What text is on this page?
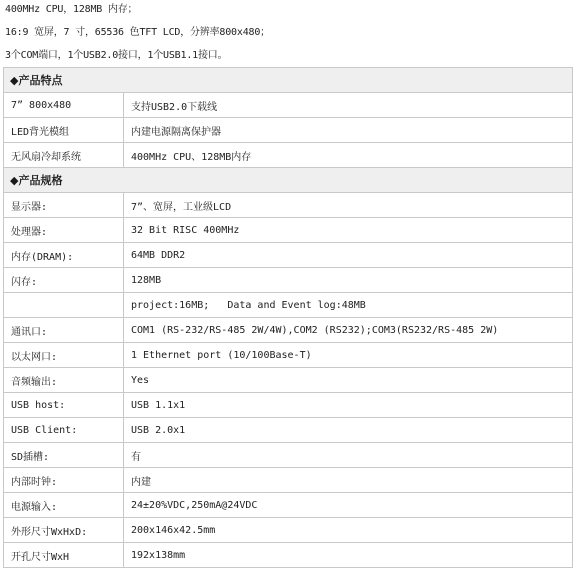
400MHz CPU，128MB 内存；
16:9 宽屏，7 寸，65536 色TFT LCD，分辨率800x480；
3个COM端口，1个USB2.0接口，1个USB1.1接口。
◆产品特点	
7” 800x480	支持USB2.0下载线
LED背光模组	内建电源隔离保护器
无风扇冷却系统	400MHz CPU、128MB内存
◆产品规格	
显示器:	7”、宽屏，工业级LCD
处理器:	32 Bit RISC 400MHz
内存(DRAM):	64MB DDR2
闪存:	128MB
	project:16MB;   Data and Event log:48MB
通讯口:	COM1 (RS-232/RS-485 2W/4W),COM2 (RS232);COM3(RS232/RS-485 2W)
以太网口:	1 Ethernet port (10/100Base-T)
音频输出:	Yes
USB host:	USB 1.1x1
USB Client:	USB 2.0x1
SD插槽:	有
内部时钟:	内建
电源输入:	24±20%VDC,250mA@24VDC
外形尺寸WxHxD:	200x146x42.5mm
开孔尺寸WxH	192x138mm
